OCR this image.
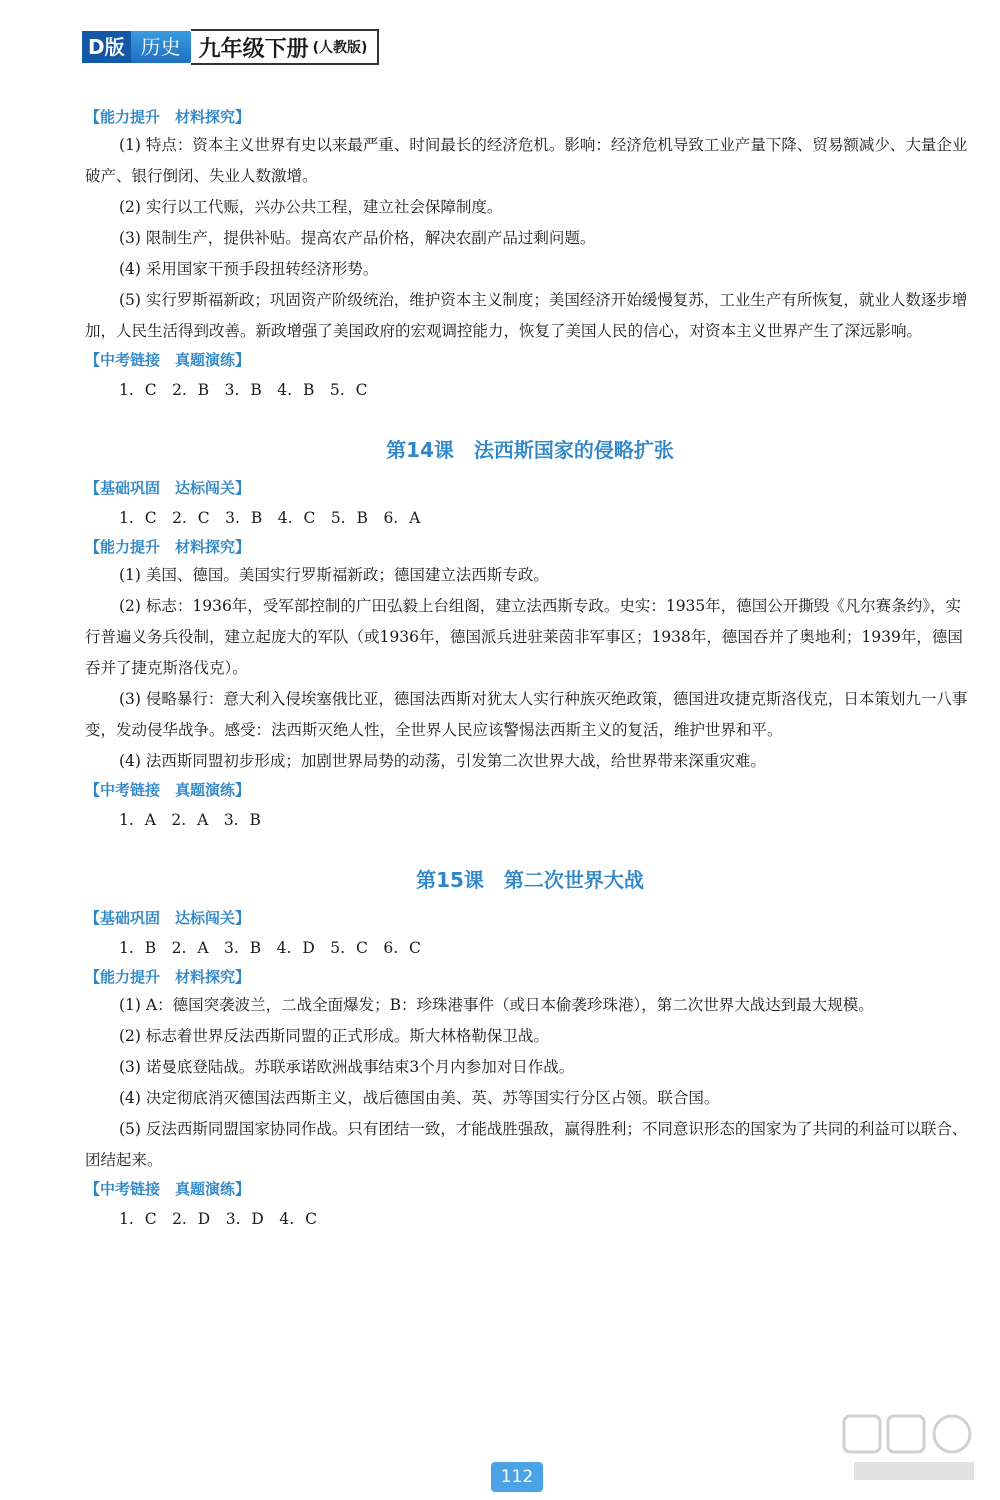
D版 历史 九年级下册 (人教版)

【能力提升　材料探究】

(1) 特点：资本主义世界有史以来最严重、时间最长的经济危机。影响：经济危机导致工业产量下降、贸易额减少、大量企业破产、银行倒闭、失业人数激增。

(2) 实行以工代赈，兴办公共工程，建立社会保障制度。

(3) 限制生产，提供补贴。提高农产品价格，解决农副产品过剩问题。

(4) 采用国家干预手段扭转经济形势。

(5) 实行罗斯福新政；巩固资产阶级统治，维护资本主义制度；美国经济开始缓慢复苏，工业生产有所恢复，就业人数逐步增加，人民生活得到改善。新政增强了美国政府的宏观调控能力，恢复了美国人民的信心，对资本主义世界产生了深远影响。

【中考链接　真题演练】

1. C　2. B　3. B　4. B　5. C

第14课　法西斯国家的侵略扩张

【基础巩固　达标闯关】

1. C　2. C　3. B　4. C　5. B　6. A

【能力提升　材料探究】

(1) 美国、德国。美国实行罗斯福新政；德国建立法西斯专政。

(2) 标志：1936年，受军部控制的广田弘毅上台组阁，建立法西斯专政。史实：1935年，德国公开撕毁《凡尔赛条约》，实行普遍义务兵役制，建立起庞大的军队（或1936年，德国派兵进驻莱茵非军事区；1938年，德国吞并了奥地利；1939年，德国吞并了捷克斯洛伐克）。

(3) 侵略暴行：意大利入侵埃塞俄比亚，德国法西斯对犹太人实行种族灭绝政策，德国进攻捷克斯洛伐克，日本策划九一八事变，发动侵华战争。感受：法西斯灭绝人性，全世界人民应该警惕法西斯主义的复活，维护世界和平。

(4) 法西斯同盟初步形成；加剧世界局势的动荡，引发第二次世界大战，给世界带来深重灾难。

【中考链接　真题演练】

1. A　2. A　3. B

第15课　第二次世界大战

【基础巩固　达标闯关】

1. B　2. A　3. B　4. D　5. C　6. C

【能力提升　材料探究】

(1) A：德国突袭波兰，二战全面爆发；B：珍珠港事件（或日本偷袭珍珠港），第二次世界大战达到最大规模。

(2) 标志着世界反法西斯同盟的正式形成。斯大林格勒保卫战。

(3) 诺曼底登陆战。苏联承诺欧洲战事结束3个月内参加对日作战。

(4) 决定彻底消灭德国法西斯主义，战后德国由美、英、苏等国实行分区占领。联合国。

(5) 反法西斯同盟国家协同作战。只有团结一致，才能战胜强敌，赢得胜利；不同意识形态的国家为了共同的利益可以联合、团结起来。

【中考链接　真题演练】

1. C　2. D　3. D　4. C

112
